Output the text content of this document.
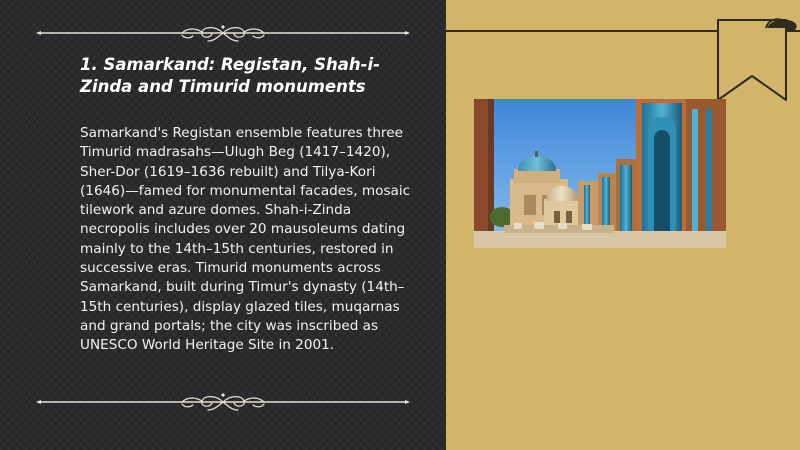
1. Samarkand: Registan, Shah-i-Zinda and Timurid monuments
Samarkand's Registan ensemble features three Timurid madrasahs—Ulugh Beg (1417–1420), Sher-Dor (1619–1636 rebuilt) and Tilya-Kori (1646)—famed for monumental facades, mosaic tilework and azure domes. Shah-i-Zinda necropolis includes over 20 mausoleums dating mainly to the 14th–15th centuries, restored in successive eras. Timurid monuments across Samarkand, built during Timur's dynasty (14th–15th centuries), display glazed tiles, muqarnas and grand portals; the city was inscribed as UNESCO World Heritage Site in 2001.
